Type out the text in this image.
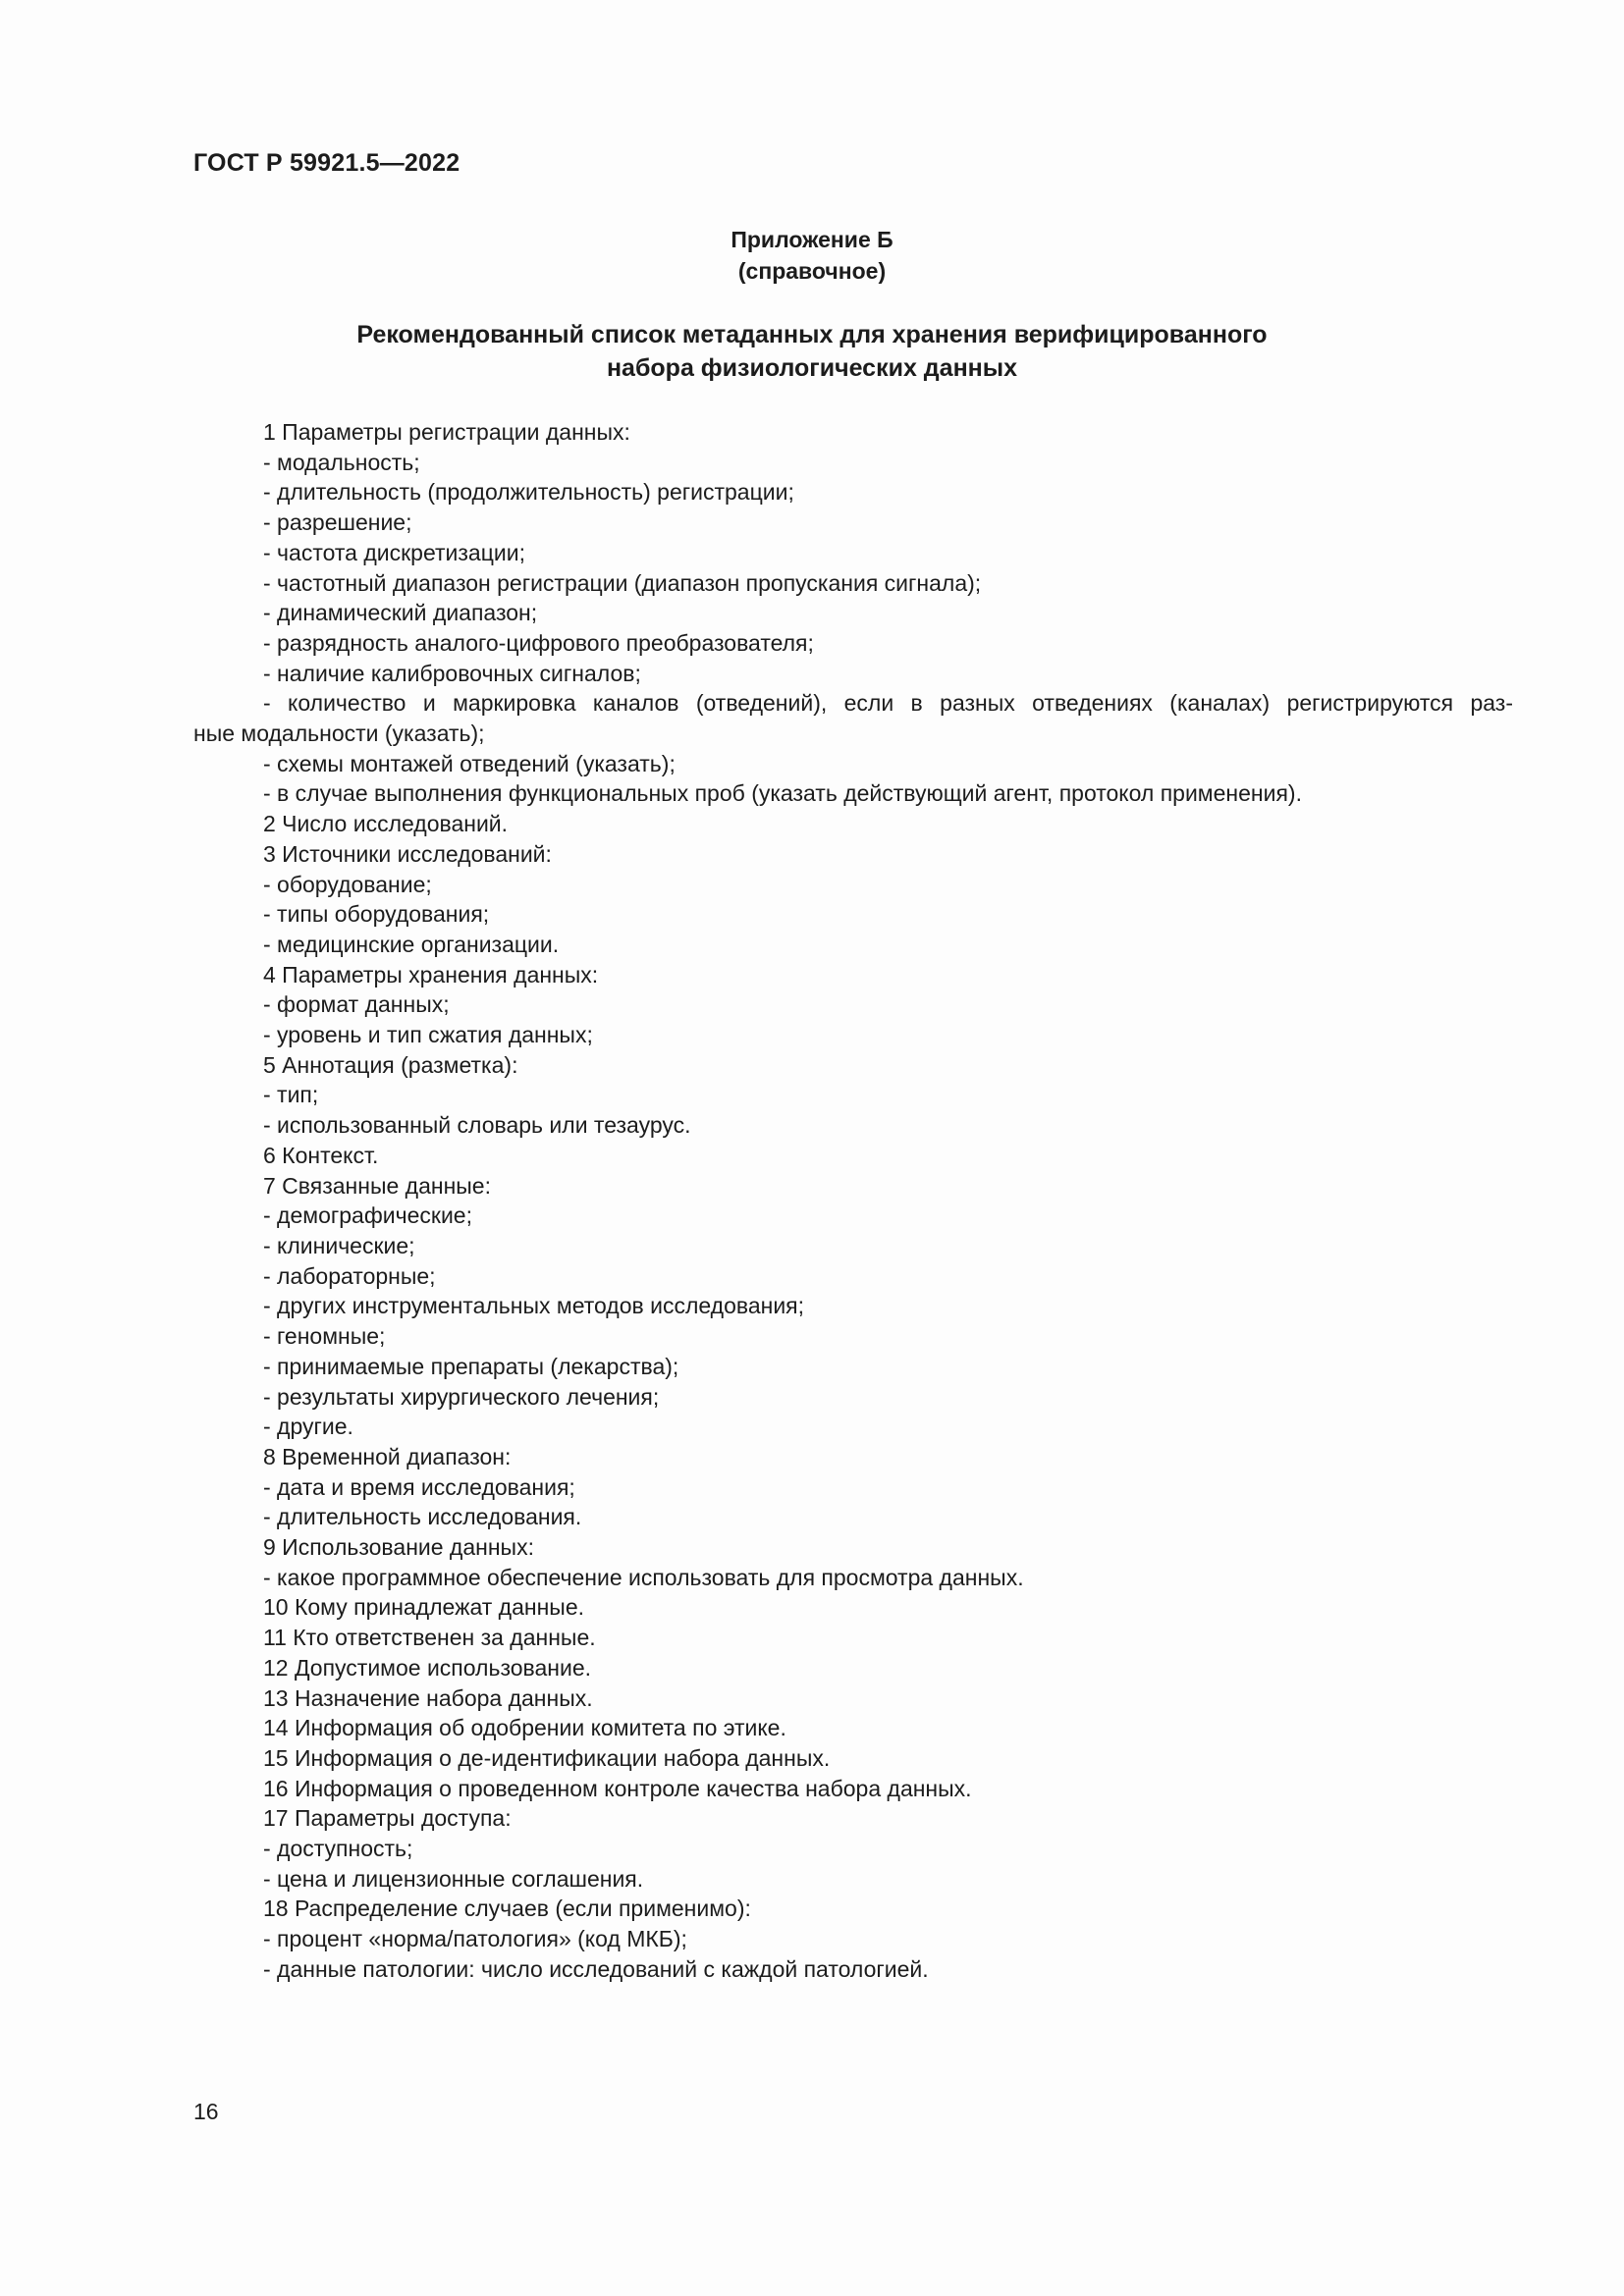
ГОСТ Р 59921.5—2022
Приложение Б
(справочное)
Рекомендованный список метаданных для хранения верифицированного
набора физиологических данных
1 Параметры регистрации данных:
- модальность;
- длительность (продолжительность) регистрации;
- разрешение;
- частота дискретизации;
- частотный диапазон регистрации (диапазон пропускания сигнала);
- динамический диапазон;
- разрядность аналого-цифрового преобразователя;
- наличие калибровочных сигналов;
- количество и маркировка каналов (отведений), если в разных отведениях (каналах) регистрируются раз-
ные модальности (указать);
- схемы монтажей отведений (указать);
- в случае выполнения функциональных проб (указать действующий агент, протокол применения).
2 Число исследований.
3 Источники исследований:
- оборудование;
- типы оборудования;
- медицинские организации.
4 Параметры хранения данных:
- формат данных;
- уровень и тип сжатия данных;
5 Аннотация (разметка):
- тип;
- использованный словарь или тезаурус.
6 Контекст.
7 Связанные данные:
- демографические;
- клинические;
- лабораторные;
- других инструментальных методов исследования;
- геномные;
- принимаемые препараты (лекарства);
- результаты хирургического лечения;
- другие.
8 Временной диапазон:
- дата и время исследования;
- длительность исследования.
9 Использование данных:
- какое программное обеспечение использовать для просмотра данных.
10 Кому принадлежат данные.
11 Кто ответственен за данные.
12 Допустимое использование.
13 Назначение набора данных.
14 Информация об одобрении комитета по этике.
15 Информация о де-идентификации набора данных.
16 Информация о проведенном контроле качества набора данных.
17 Параметры доступа:
- доступность;
- цена и лицензионные соглашения.
18 Распределение случаев (если применимо):
- процент «норма/патология» (код МКБ);
- данные патологии: число исследований с каждой патологией.
16
